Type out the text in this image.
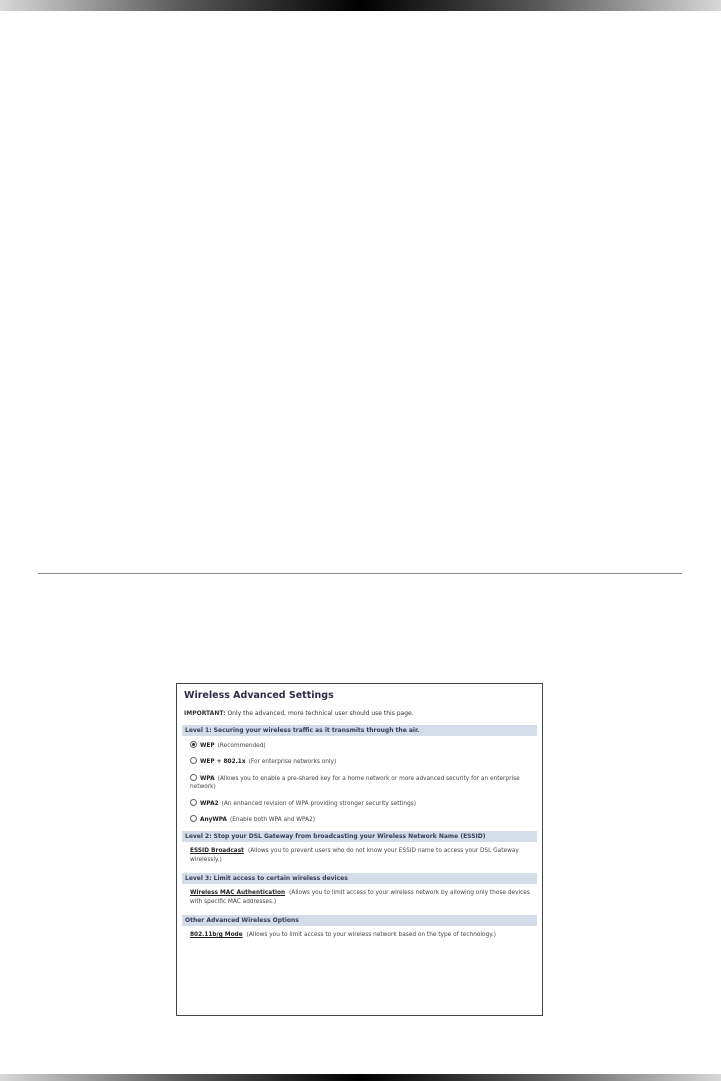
Wireless Advanced Settings
IMPORTANT: Only the advanced, more technical user should use this page.
Level 1: Securing your wireless traffic as it transmits through the air.
WEP (Recommended)
WEP + 802.1x (For enterprise networks only)
WPA (Allows you to enable a pre-shared key for a home network or more advanced security for an enterprise network)
WPA2 (An enhanced revision of WPA providing stronger security settings)
AnyWPA (Enable both WPA and WPA2)
Level 2: Stop your DSL Gateway from broadcasting your Wireless Network Name (ESSID)
ESSID Broadcast (Allows you to prevent users who do not know your ESSID name to access your DSL Gateway wirelessly.)
Level 3: Limit access to certain wireless devices
Wireless MAC Authentication (Allows you to limit access to your wireless network by allowing only those devices with specific MAC addresses.)
Other Advanced Wireless Options
802.11b/g Mode (Allows you to limit access to your wireless network based on the type of technology.)
